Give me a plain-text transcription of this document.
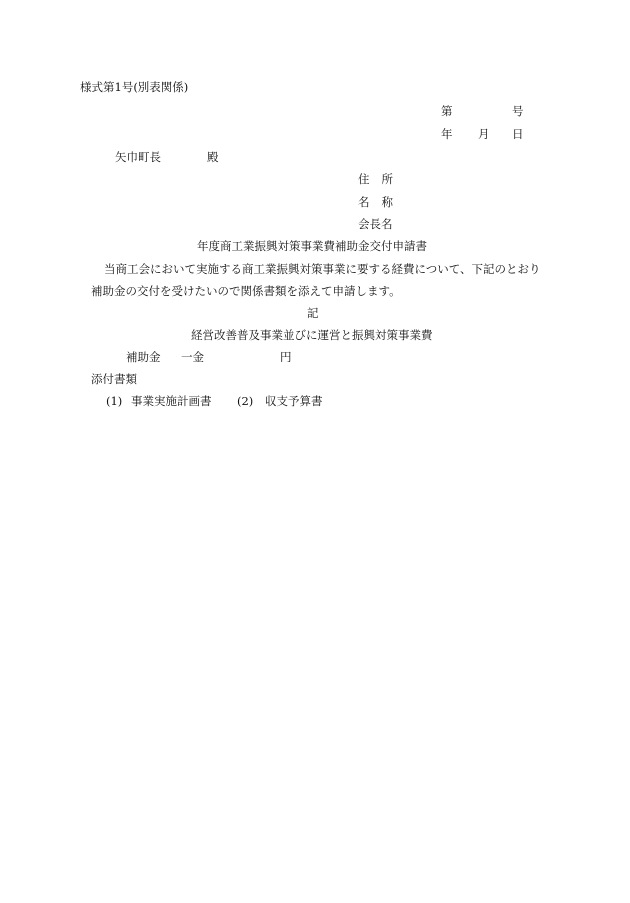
様式第1号(別表関係)
第	号
年 月 日
矢巾町長	殿
住所
名称
会長名
年度商工業振興対策事業費補助金交付申請書
当商工会において実施する商工業振興対策事業に要する経費について、下記のとおり
補助金の交付を受けたいので関係書類を添えて申請します。
記
経営改善普及事業並びに運営と振興対策事業費
補助金 一金	円
添付書類
(1) 事業実施計画書 (2) 収支予算書
